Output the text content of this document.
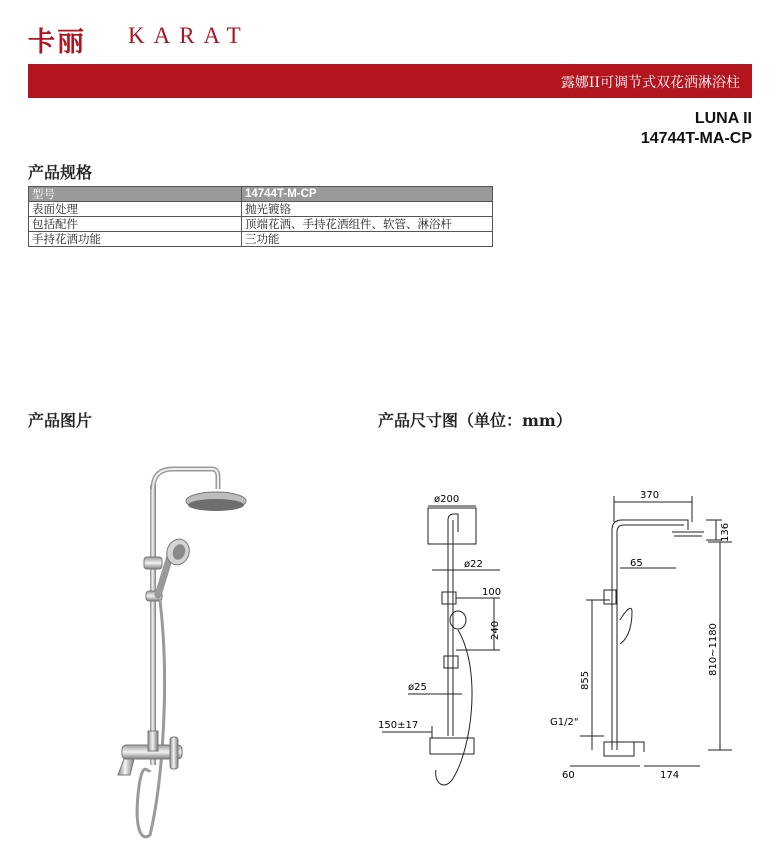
卡丽 KARAT
露娜II可调节式双花洒淋浴柱
LUNA II
14744T-MA-CP
产品规格
型号	14744T-M-CP
表面处理	抛光镀铬
包括配件	顶端花洒、手持花洒组件、软管、淋浴杆
手持花洒功能	三功能
产品图片	产品尺寸图（单位：mm）
ø200
ø22
100
240
ø25
150±17
370
136
65
810~1180
855
G1/2"
60	174
